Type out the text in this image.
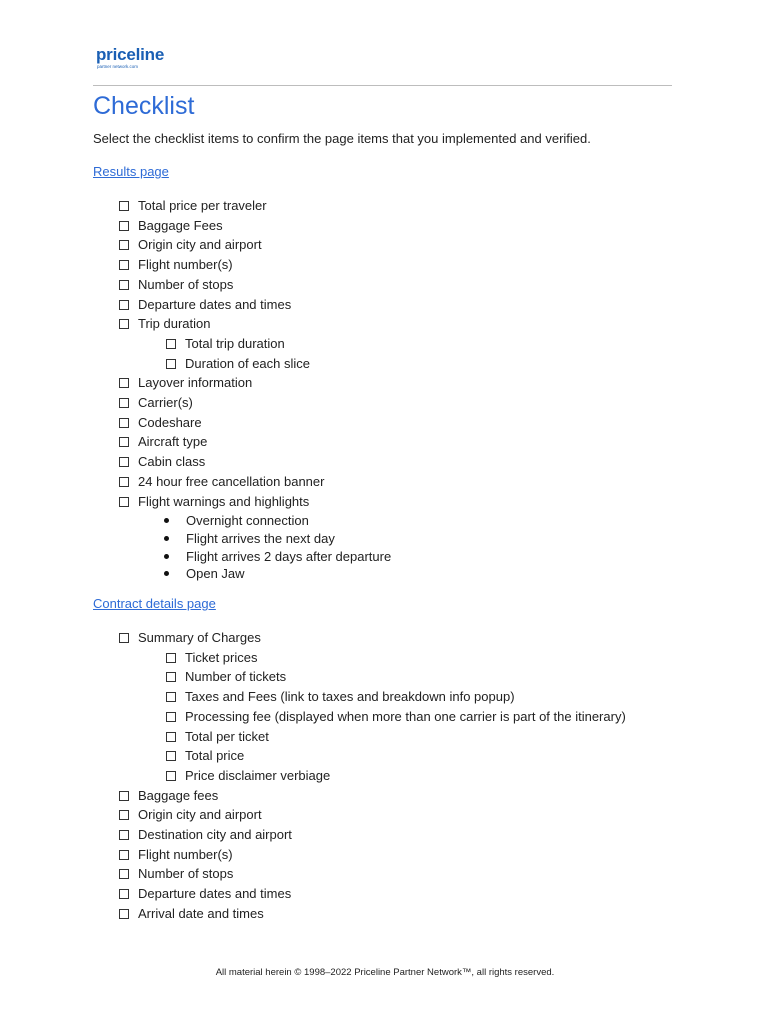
priceline
partner network.com
Checklist
Select the checklist items to confirm the page items that you implemented and verified.
Results page
Total price per traveler
Baggage Fees
Origin city and airport
Flight number(s)
Number of stops
Departure dates and times
Trip duration
Total trip duration
Duration of each slice
Layover information
Carrier(s)
Codeshare
Aircraft type
Cabin class
24 hour free cancellation banner
Flight warnings and highlights
Overnight connection
Flight arrives the next day
Flight arrives 2 days after departure
Open Jaw
Contract details page
Summary of Charges
Ticket prices
Number of tickets
Taxes and Fees (link to taxes and breakdown info popup)
Processing fee (displayed when more than one carrier is part of the itinerary)
Total per ticket
Total price
Price disclaimer verbiage
Baggage fees
Origin city and airport
Destination city and airport
Flight number(s)
Number of stops
Departure dates and times
Arrival date and times
All material herein © 1998–2022 Priceline Partner Network™, all rights reserved.
